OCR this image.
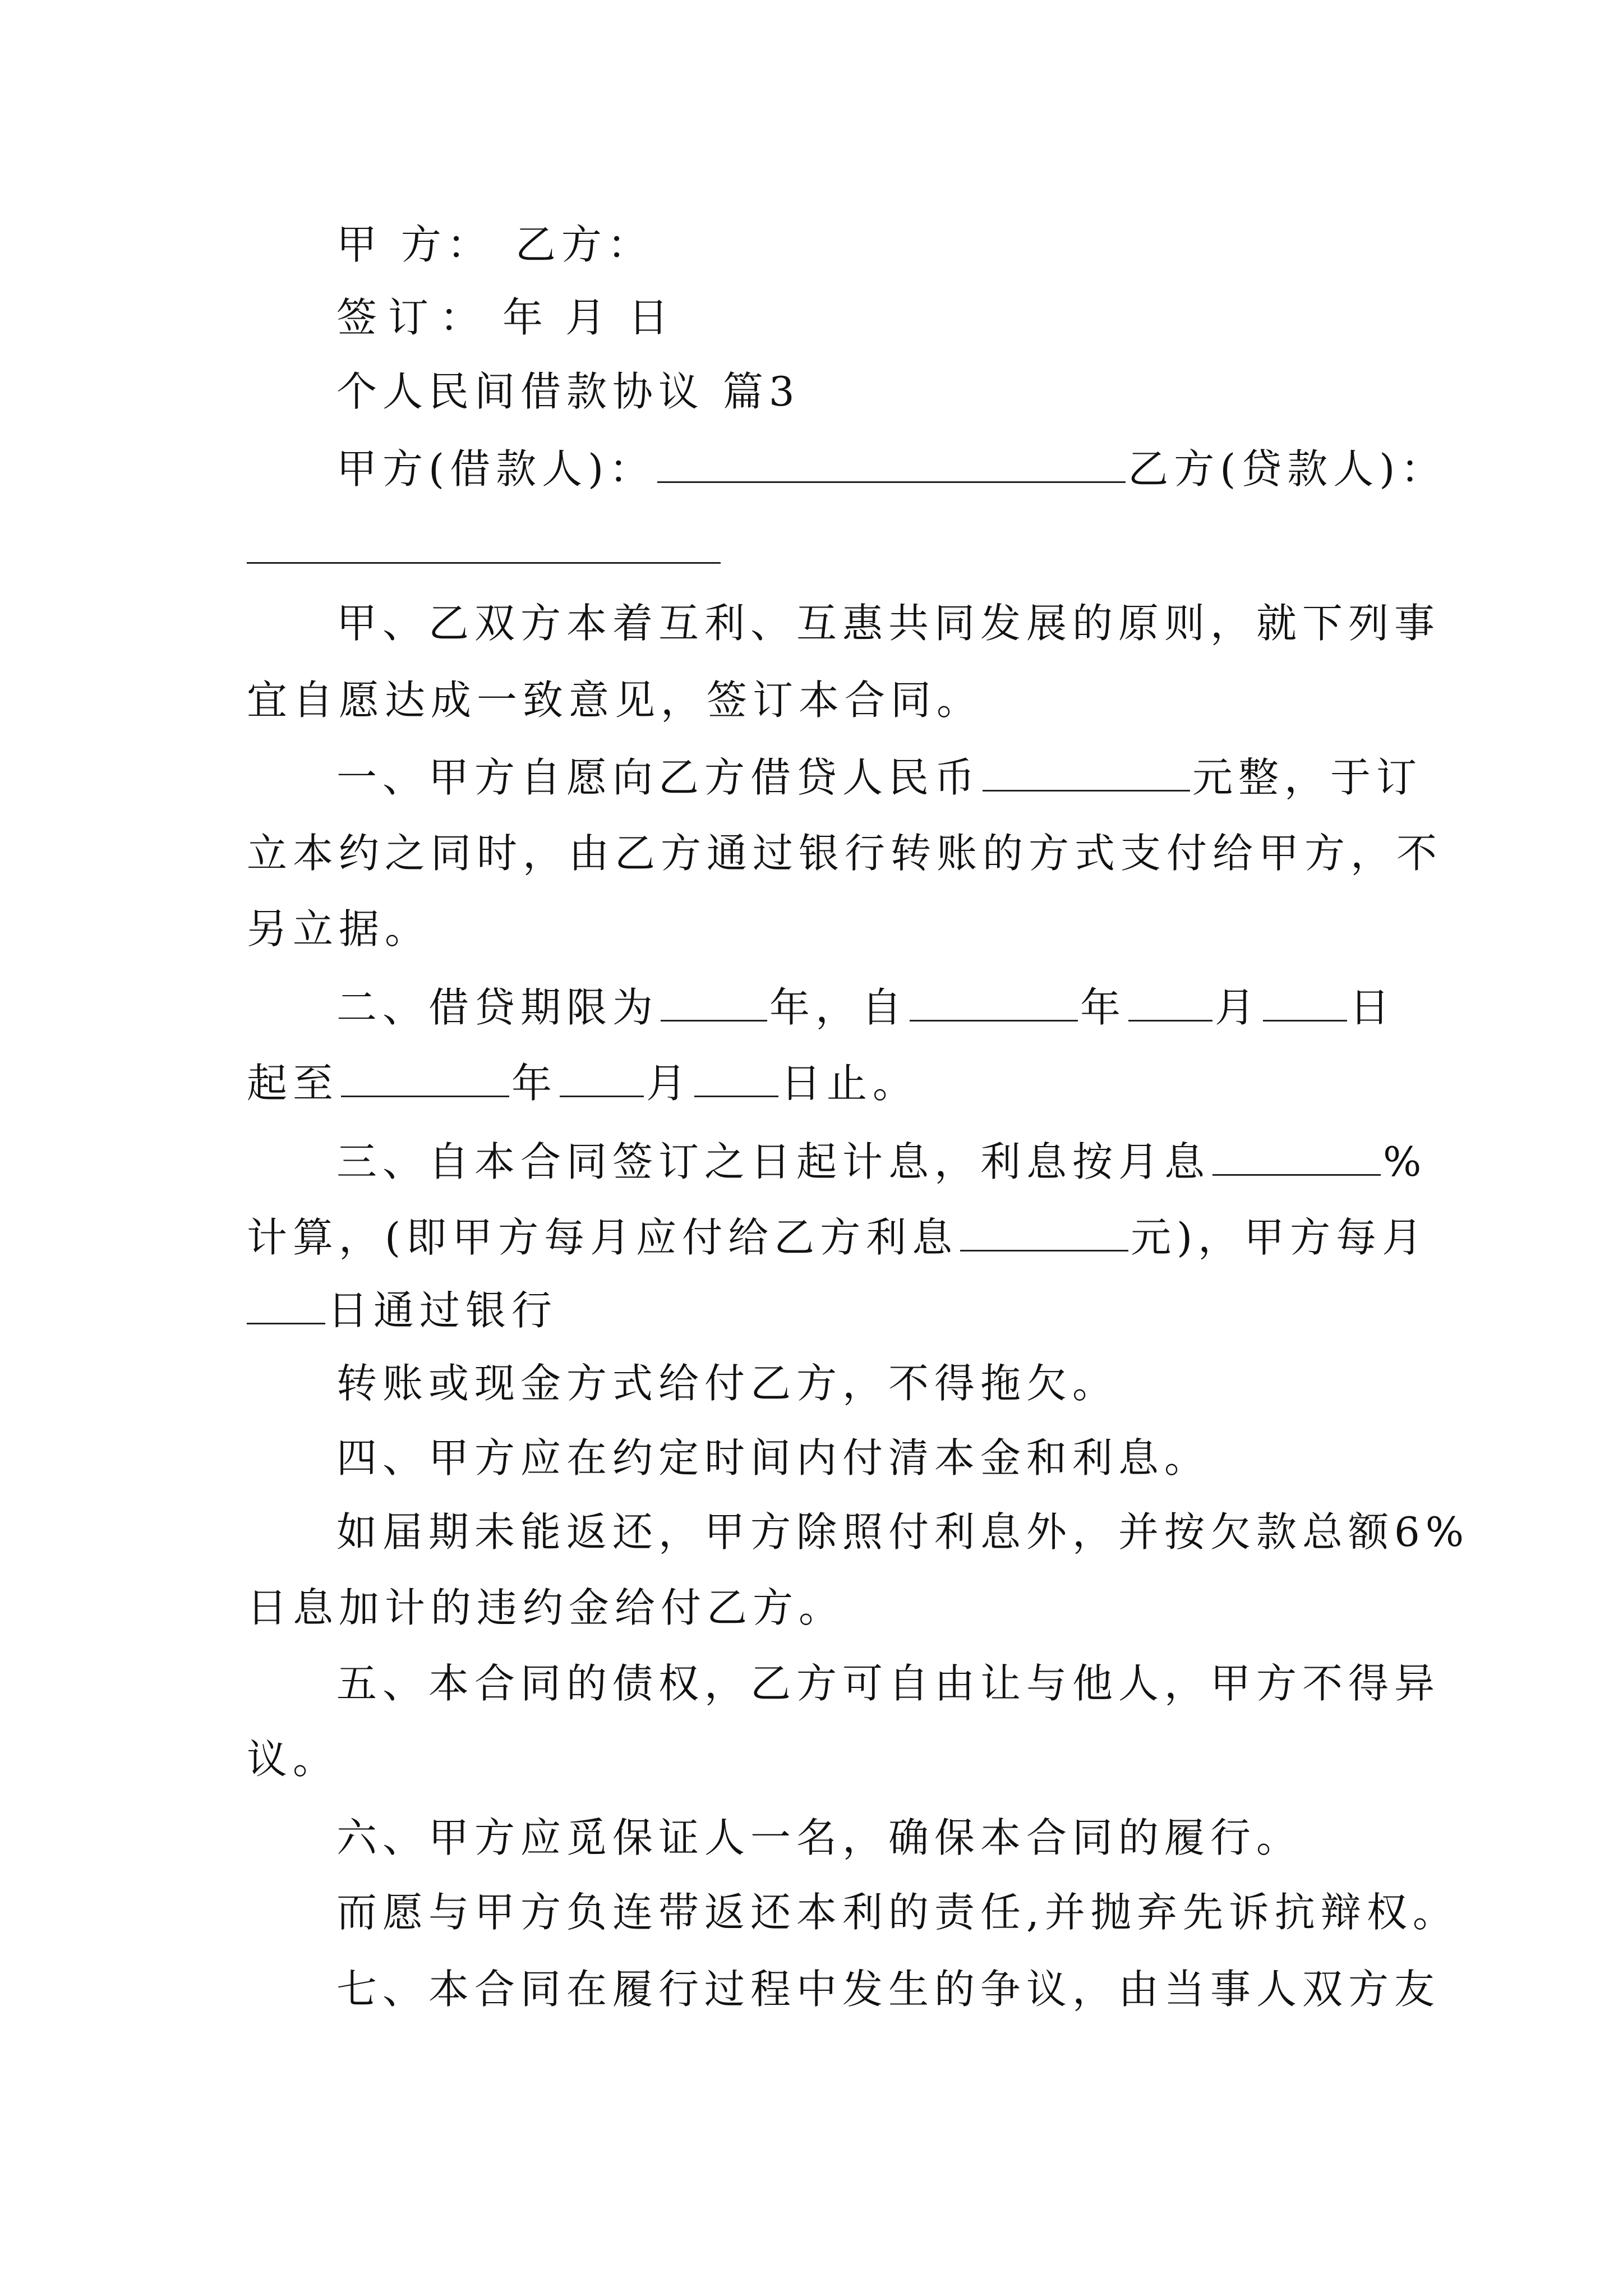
甲 方： 乙方：
签订： 年 月 日
个人民间借款协议 篇3
甲方(借款人)：	乙方(贷款人)：
甲、乙双方本着互利、互惠共同发展的原则，就下列事
宜自愿达成一致意见，签订本合同。
一、甲方自愿向乙方借贷人民币	元整，于订
立本约之同时，由乙方通过银行转账的方式支付给甲方，不
另立据。
二、借贷期限为	年，自	年 月 日
起至	年 月 日止。
三、自本合同签订之日起计息，利息按月息	%
计算，(即甲方每月应付给乙方利息	元)，甲方每月
日通过银行
转账或现金方式给付乙方，不得拖欠。
四、甲方应在约定时间内付清本金和利息。
如届期未能返还，甲方除照付利息外，并按欠款总额6%
日息加计的违约金给付乙方。
五、本合同的债权，乙方可自由让与他人，甲方不得异
议。
六、甲方应觅保证人一名，确保本合同的履行。
而愿与甲方负连带返还本利的责任,并抛弃先诉抗辩权。
七、本合同在履行过程中发生的争议，由当事人双方友
